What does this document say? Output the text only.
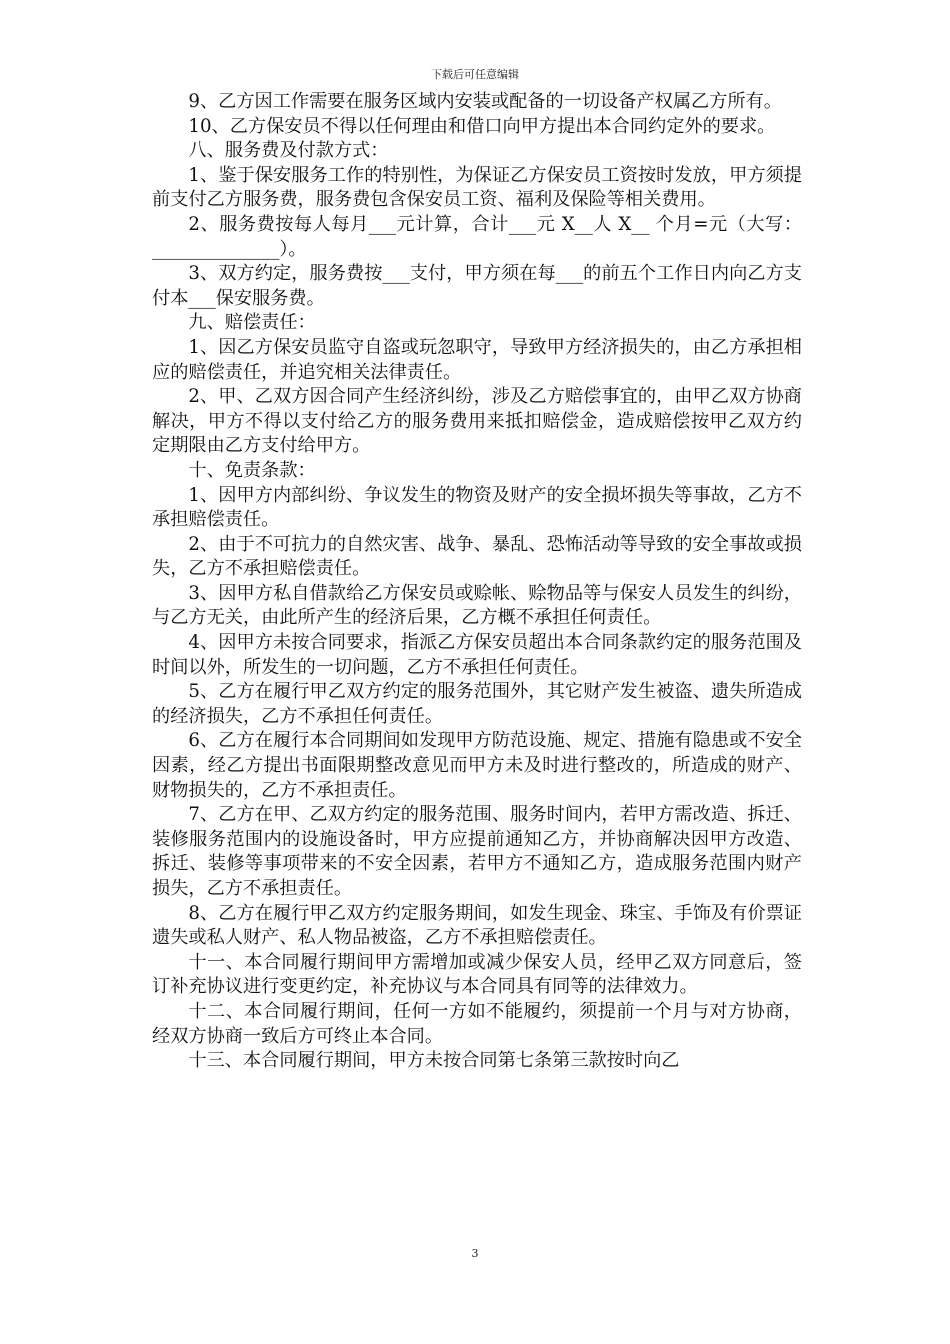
下载后可任意编辑

9、乙方因工作需要在服务区域内安装或配备的一切设备产权属乙方所有。

10、乙方保安员不得以任何理由和借口向甲方提出本合同约定外的要求。

八、服务费及付款方式：

1、鉴于保安服务工作的特别性，为保证乙方保安员工资按时发放，甲方须提前支付乙方服务费，服务费包含保安员工资、福利及保险等相关费用。

2、服务费按每人每月___元计算，合计___元 X__人 X__ 个月=元（大写：______________）。

3、双方约定，服务费按___支付，甲方须在每___的前五个工作日内向乙方支付本___保安服务费。

九、赔偿责任：

1、因乙方保安员监守自盗或玩忽职守，导致甲方经济损失的，由乙方承担相应的赔偿责任，并追究相关法律责任。

2、甲、乙双方因合同产生经济纠纷，涉及乙方赔偿事宜的，由甲乙双方协商解决，甲方不得以支付给乙方的服务费用来抵扣赔偿金，造成赔偿按甲乙双方约定期限由乙方支付给甲方。

十、免责条款：

1、因甲方内部纠纷、争议发生的物资及财产的安全损坏损失等事故，乙方不承担赔偿责任。

2、由于不可抗力的自然灾害、战争、暴乱、恐怖活动等导致的安全事故或损失，乙方不承担赔偿责任。

3、因甲方私自借款给乙方保安员或赊帐、赊物品等与保安人员发生的纠纷，与乙方无关，由此所产生的经济后果，乙方概不承担任何责任。

4、因甲方未按合同要求，指派乙方保安员超出本合同条款约定的服务范围及时间以外，所发生的一切问题，乙方不承担任何责任。

5、乙方在履行甲乙双方约定的服务范围外，其它财产发生被盗、遗失所造成的经济损失，乙方不承担任何责任。

6、乙方在履行本合同期间如发现甲方防范设施、规定、措施有隐患或不安全因素，经乙方提出书面限期整改意见而甲方未及时进行整改的，所造成的财产、财物损失的，乙方不承担责任。

7、乙方在甲、乙双方约定的服务范围、服务时间内，若甲方需改造、拆迁、装修服务范围内的设施设备时，甲方应提前通知乙方，并协商解决因甲方改造、拆迁、装修等事项带来的不安全因素，若甲方不通知乙方，造成服务范围内财产损失，乙方不承担责任。

8、乙方在履行甲乙双方约定服务期间，如发生现金、珠宝、手饰及有价票证遗失或私人财产、私人物品被盗，乙方不承担赔偿责任。

十一、本合同履行期间甲方需增加或减少保安人员，经甲乙双方同意后，签订补充协议进行变更约定，补充协议与本合同具有同等的法律效力。

十二、本合同履行期间，任何一方如不能履约，须提前一个月与对方协商，经双方协商一致后方可终止本合同。

十三、本合同履行期间，甲方未按合同第七条第三款按时向乙

3
